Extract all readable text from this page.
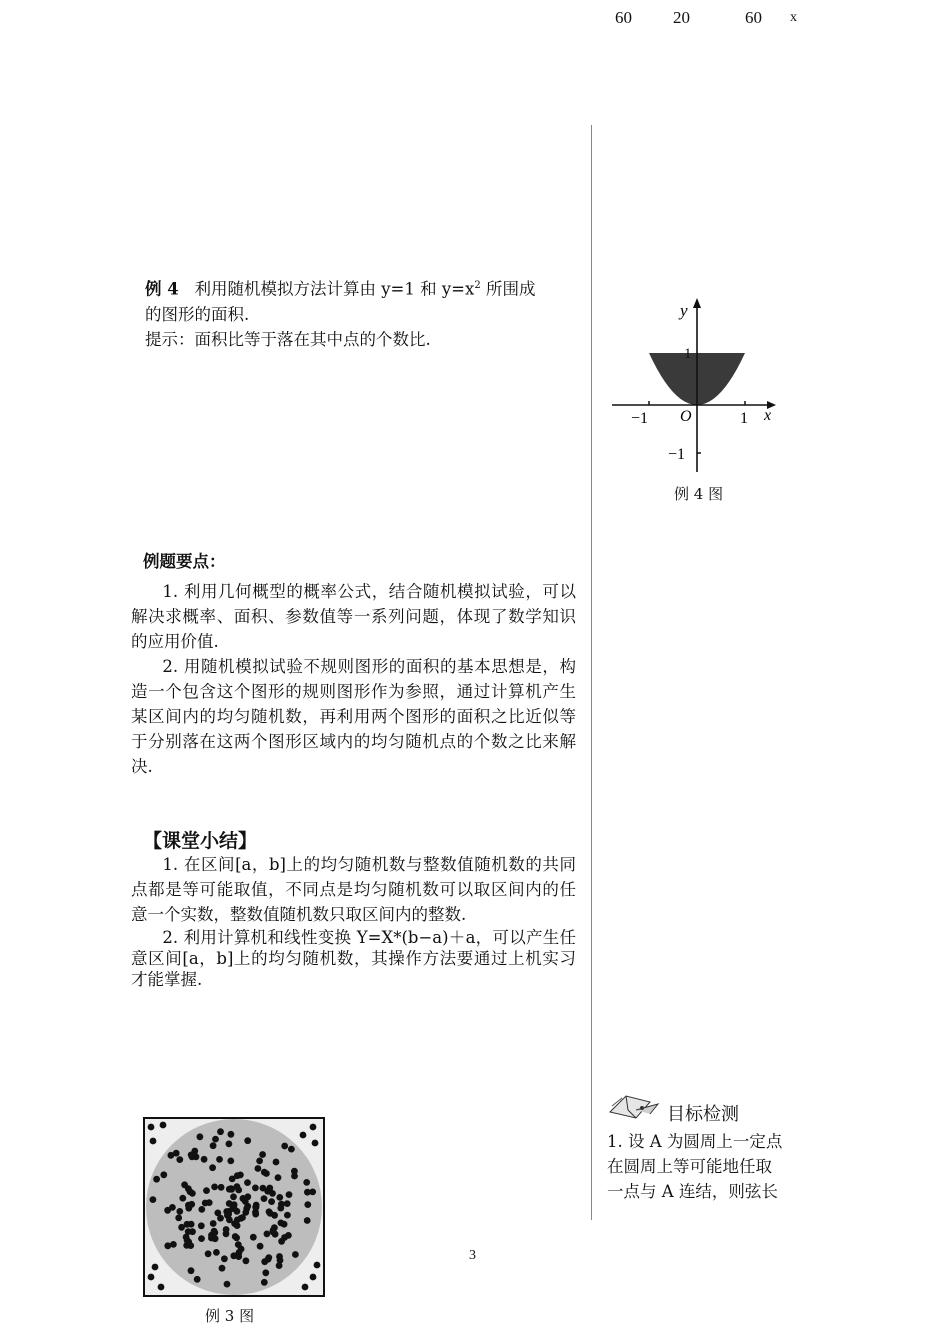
60 20	60 x

例 4 利用随机模拟方法计算由 y=1 和 $y=x^2$ 所围成

的图形的面积.

提示：面积比等于落在其中点的个数比.

y
x
O
−1	1
1
−1
例 4 图
例题要点：

1. 利用几何概型的概率公式，结合随机模拟试验，可以解决求概率、面积、参数值等一系列问题，体现了数学知识的应用价值.

2. 用随机模拟试验不规则图形的面积的基本思想是，构造一个包含这个图形的规则图形作为参照，通过计算机产生某区间内的均匀随机数，再利用两个图形的面积之比近似等于分别落在这两个图形区域内的均匀随机点的个数之比来解决.

【课堂小结】

1. 在区间[a，b]上的均匀随机数与整数值随机数的共同点都是等可能取值，不同点是均匀随机数可以取区间内的任意一个实数，整数值随机数只取区间内的整数.

2. 利用计算机和线性变换 Y=X*(b−a)＋a，可以产生任意区间[a，b]上的均匀随机数，其操作方法要通过上机实习才能掌握.

目标检测

1. 设 A 为圆周上一定点

在圆周上等可能地任取

一点与 A 连结，则弦长

例 3 图
3
